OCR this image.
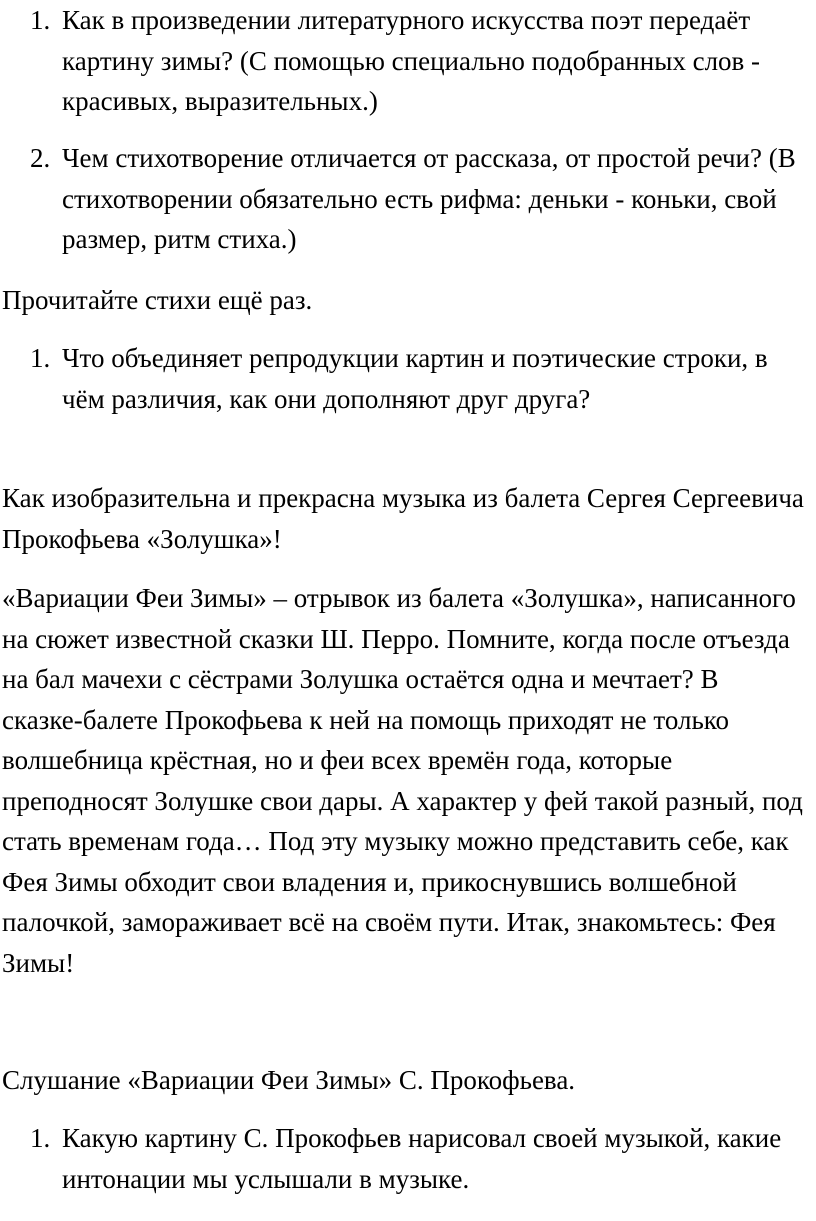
1. Как в произведении литературного искусства поэт передаёт картину зимы? (С помощью специально подобранных слов - красивых, выразительных.)
2. Чем стихотворение отличается от рассказа, от простой речи? (В стихотворении обязательно есть рифма: деньки - коньки, свой размер, ритм стиха.)
Прочитайте стихи ещё раз.
1. Что объединяет репродукции картин и поэтические строки, в чём различия, как они дополняют друг друга?
Как изобразительна и прекрасна музыка из балета Сергея Сергеевича Прокофьева «Золушка»!
«Вариации Феи Зимы» – отрывок из балета «Золушка», написанного на сюжет известной сказки Ш. Перро. Помните, когда после отъезда на бал мачехи с сёстрами Золушка остаётся одна и мечтает? В сказке-балете Прокофьева к ней на помощь приходят не только волшебница крёстная, но и феи всех времён года, которые преподносят Золушке свои дары. А характер у фей такой разный, под стать временам года… Под эту музыку можно представить себе, как Фея Зимы обходит свои владения и, прикоснувшись волшебной палочкой, замораживает всё на своём пути. Итак, знакомьтесь: Фея Зимы!
Слушание «Вариации Феи Зимы» С. Прокофьева.
1. Какую картину С. Прокофьев нарисовал своей музыкой, какие интонации мы услышали в музыке.
